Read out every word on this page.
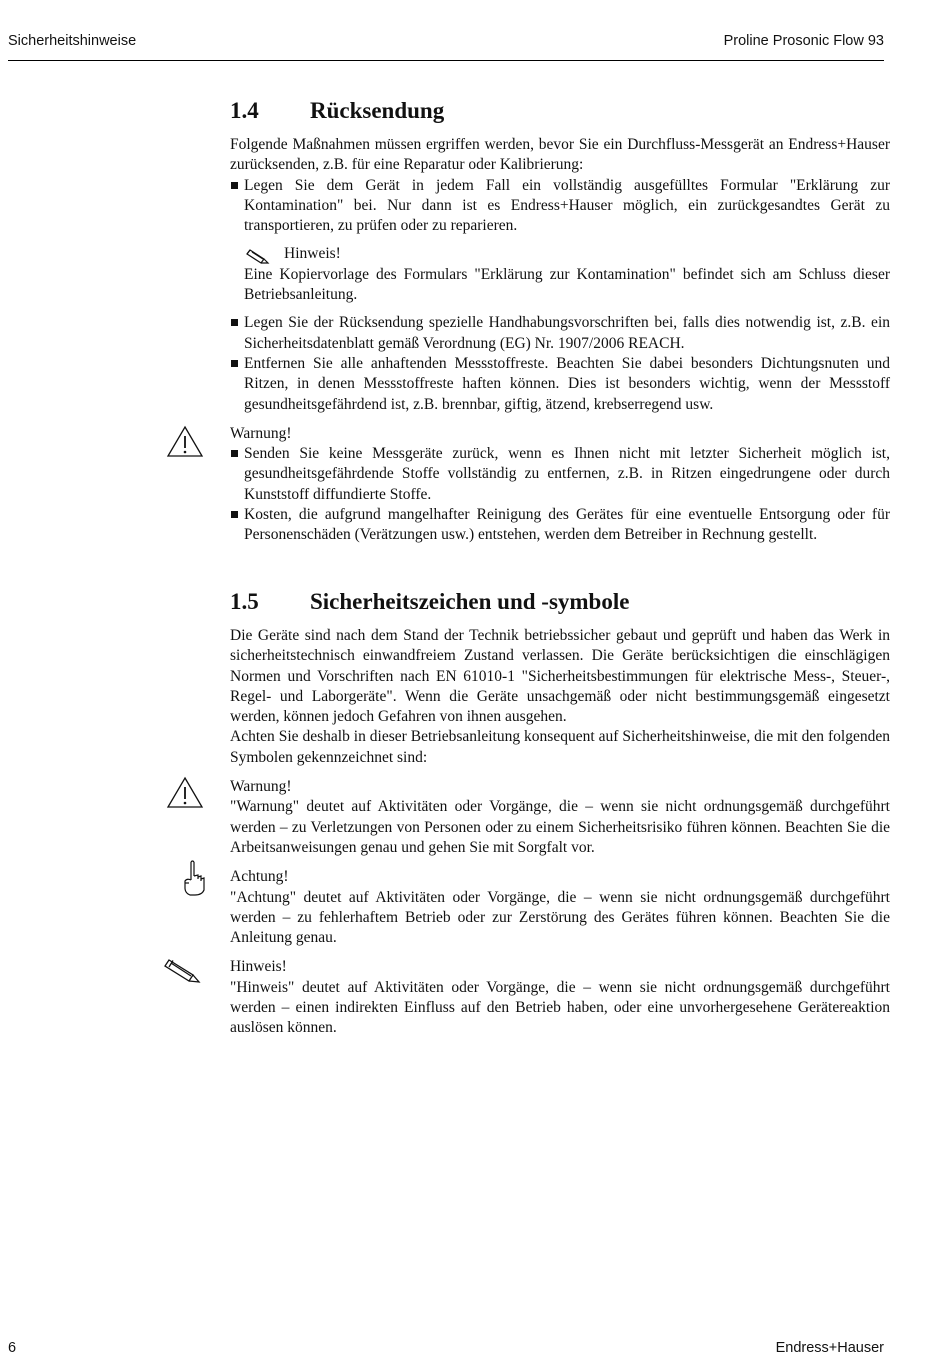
Sicherheitshinweise	Proline Prosonic Flow 93
1.4	Rücksendung

Folgende Maßnahmen müssen ergriffen werden, bevor Sie ein Durchfluss-Messgerät an Endress+Hauser zurücksenden, z.B. für eine Reparatur oder Kalibrierung:

Legen Sie dem Gerät in jedem Fall ein vollständig ausgefülltes Formular "Erklärung zur Kontamination" bei. Nur dann ist es Endress+Hauser möglich, ein zurückgesandtes Gerät zu transportieren, zu prüfen oder zu reparieren.
Hinweis!

Eine Kopiervorlage des Formulars "Erklärung zur Kontamination" befindet sich am Schluss dieser Betriebsanleitung.

Legen Sie der Rücksendung spezielle Handhabungsvorschriften bei, falls dies notwendig ist, z.B. ein Sicherheitsdatenblatt gemäß Verordnung (EG) Nr. 1907/2006 REACH.
Entfernen Sie alle anhaftenden Messstoffreste. Beachten Sie dabei besonders Dichtungsnuten und Ritzen, in denen Messstoffreste haften können. Dies ist besonders wichtig, wenn der Messstoff gesundheitsgefährdend ist, z.B. brennbar, giftig, ätzend, krebserregend usw.
Warnung!
Senden Sie keine Messgeräte zurück, wenn es Ihnen nicht mit letzter Sicherheit möglich ist, gesundheitsgefährdende Stoffe vollständig zu entfernen, z.B. in Ritzen eingedrungene oder durch Kunststoff diffundierte Stoffe.
Kosten, die aufgrund mangelhafter Reinigung des Gerätes für eine eventuelle Entsorgung oder für Personenschäden (Verätzungen usw.) entstehen, werden dem Betreiber in Rechnung gestellt.
1.5	Sicherheitszeichen und -symbole

Die Geräte sind nach dem Stand der Technik betriebssicher gebaut und geprüft und haben das Werk in sicherheitstechnisch einwandfreiem Zustand verlassen. Die Geräte berücksichtigen die einschlägigen Normen und Vorschriften nach EN 61010-1 "Sicherheitsbestimmungen für elektrische Mess-, Steuer-, Regel- und Laborgeräte". Wenn die Geräte unsachgemäß oder nicht bestimmungsgemäß eingesetzt werden, können jedoch Gefahren von ihnen ausgehen.

Achten Sie deshalb in dieser Betriebsanleitung konsequent auf Sicherheitshinweise, die mit den folgenden Symbolen gekennzeichnet sind:

Warnung!

"Warnung" deutet auf Aktivitäten oder Vorgänge, die – wenn sie nicht ordnungsgemäß durchgeführt werden – zu Verletzungen von Personen oder zu einem Sicherheitsrisiko führen können. Beachten Sie die Arbeitsanweisungen genau und gehen Sie mit Sorgfalt vor.

Achtung!

"Achtung" deutet auf Aktivitäten oder Vorgänge, die – wenn sie nicht ordnungsgemäß durchgeführt werden – zu fehlerhaftem Betrieb oder zur Zerstörung des Gerätes führen können. Beachten Sie die Anleitung genau.

Hinweis!

"Hinweis" deutet auf Aktivitäten oder Vorgänge, die – wenn sie nicht ordnungsgemäß durchgeführt werden – einen indirekten Einfluss auf den Betrieb haben, oder eine unvorhergesehene Gerätereaktion auslösen können.

6	Endress+Hauser
